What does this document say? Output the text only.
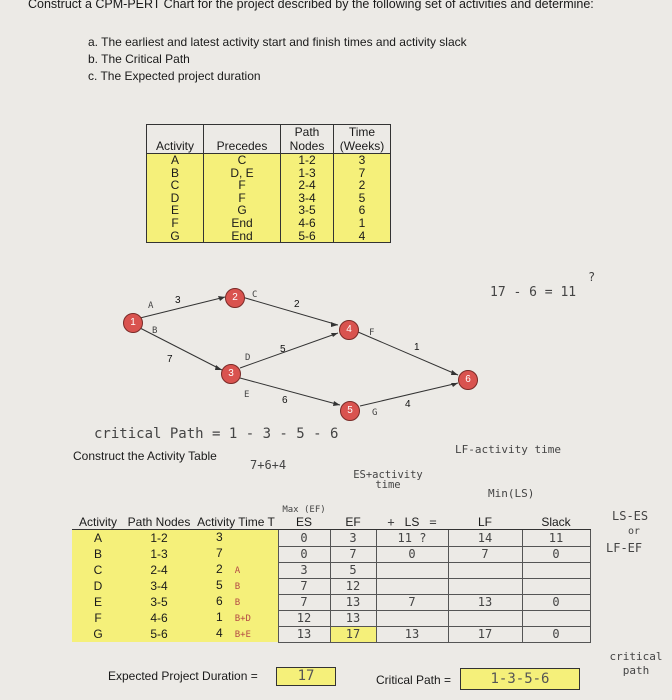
Construct a CPM-PERT Chart for the project described by the following set of activities and determine:
a. The earliest and latest activity start and finish times and activity slack
b. The Critical Path
c. The Expected project duration
Activity	Precedes	Path Nodes	Time (Weeks)
A	C	1-2	3
B	D, E	1-3	7
C	F	2-4	2
D	F	3-4	5
E	G	3-5	6
F	End	4-6	1
G	End	5-6	4
3
7
2
5
6
1
4
A
B
C
D
E
F
G
1
2
3
4
5
6
17 - 6 = 11
?
critical Path = 1 - 3 - 5 - 6
Construct the Activity Table
7+6+4
ES+activity time
LF-activity time
Min(LS)
LS-ES
or
LF-EF
critical path
Activity	Path Nodes	Activity Time T	Max (EF)
ES	EF	+ LS =	LF	Slack
A	1-2	3	0	3	11 ?	14	11
B	1-3	7	0	7	0	7	0
C	2-4	2 A	3	5			
D	3-4	5 B	7	12			
E	3-5	6 B	7	13	7	13	0
F	4-6	1 B+D	12	13			
G	5-6	4 B+E	13	17	13	17	0
Expected Project Duration =	17	Critical Path =	1-3-5-6
